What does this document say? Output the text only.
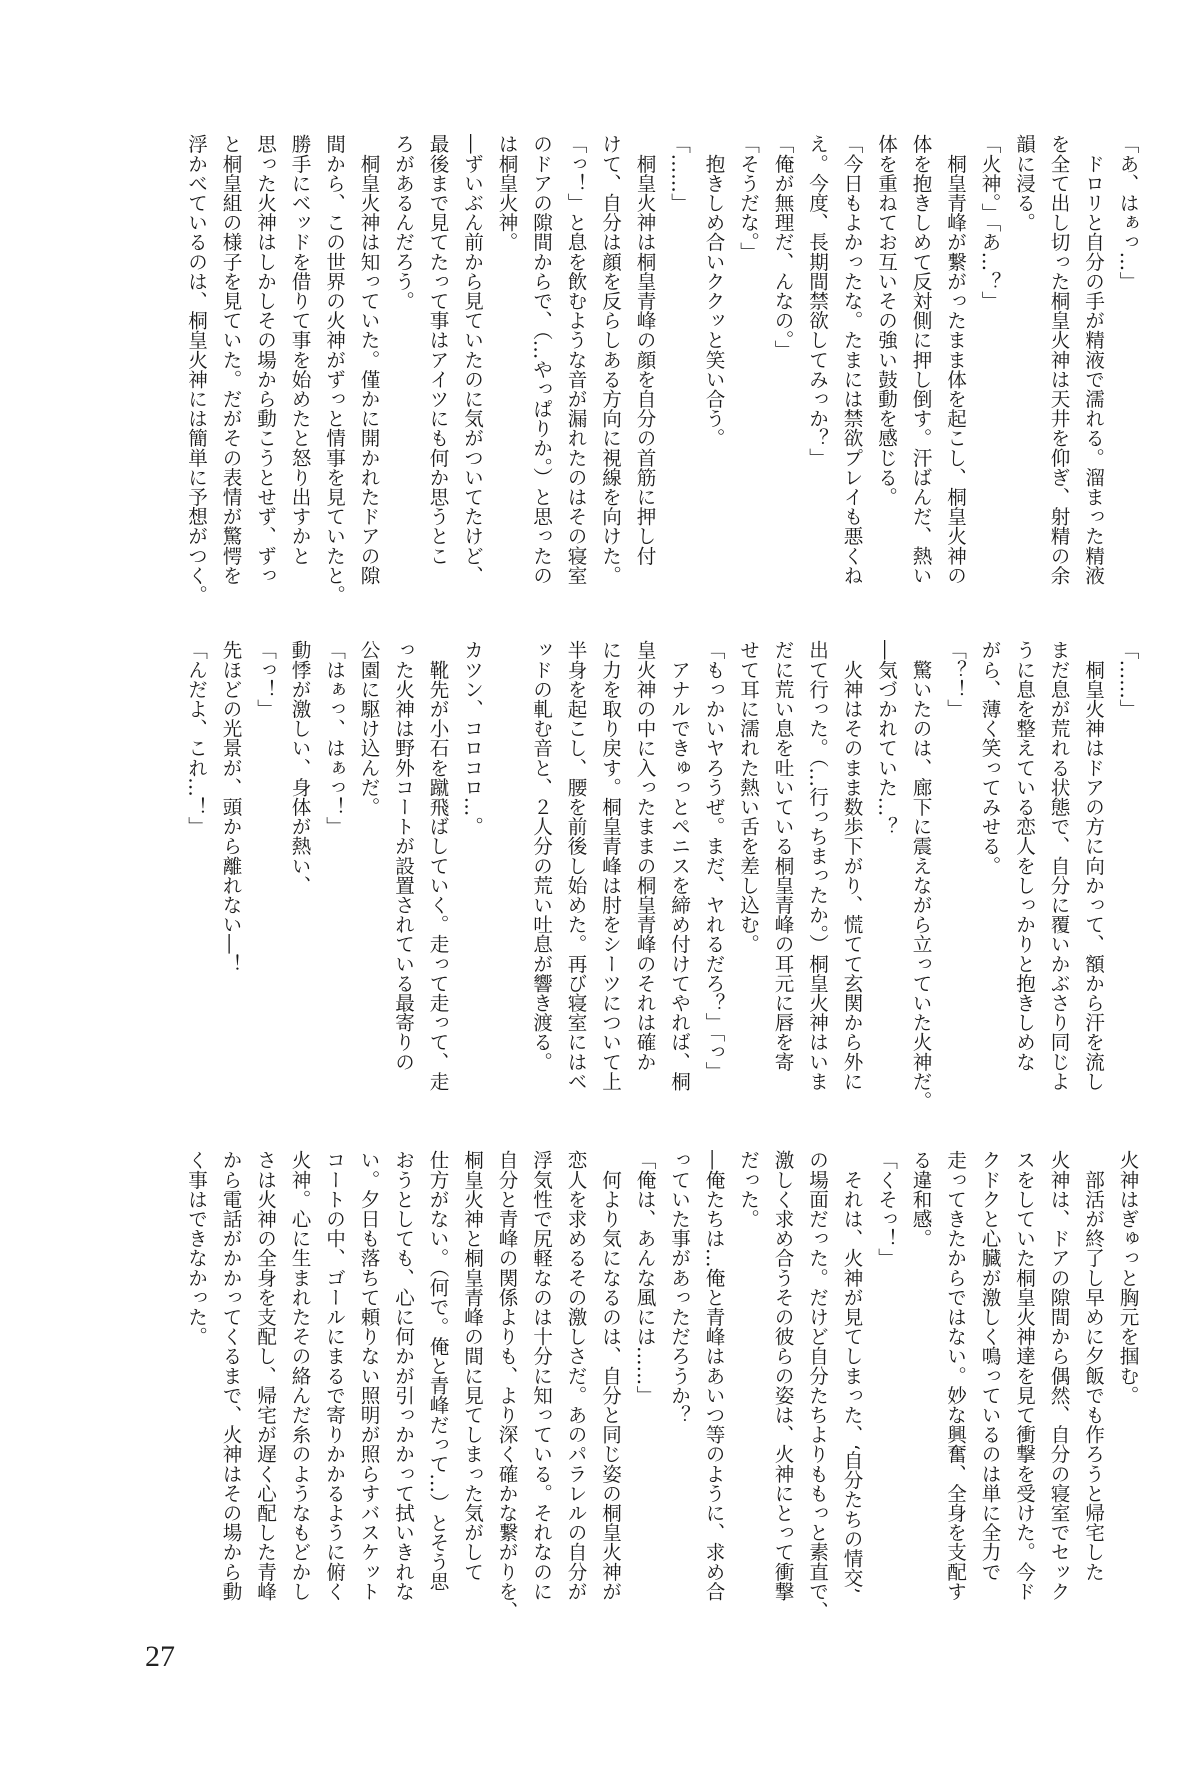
「あ、はぁっ…」
　ドロリと自分の手が精液で濡れる。溜まった精液
を全て出し切った桐皇火神は天井を仰ぎ、射精の余
韻に浸る。
「火神。」「あ…？」
　桐皇青峰が繋がったまま体を起こし、桐皇火神の
体を抱きしめて反対側に押し倒す。汗ばんだ、熱い
体を重ねてお互いその強い鼓動を感じる。
「今日もよかったな。たまには禁欲プレイも悪くね
え。今度、長期間禁欲してみっか？」
「俺が無理だ、んなの。」
「そうだな。」
　抱きしめ合いククッと笑い合う。
「……」
　桐皇火神は桐皇青峰の顔を自分の首筋に押し付
けて、自分は顔を反らしある方向に視線を向けた。
「っ！」と息を飲むような音が漏れたのはその寝室
のドアの隙間からで、（…やっぱりか。）と思ったの
は桐皇火神。
―ずいぶん前から見ていたのに気がついてたけど、
最後まで見てたって事はアイツにも何か思うとこ
ろがあるんだろう。
　桐皇火神は知っていた。僅かに開かれたドアの隙
間から、この世界の火神がずっと情事を見ていたと。
勝手にベッドを借りて事を始めたと怒り出すかと
思った火神はしかしその場から動こうとせず、ずっ
と桐皇組の様子を見ていた。だがその表情が驚愕を
浮かべているのは、桐皇火神には簡単に予想がつく。
「……」
　桐皇火神はドアの方に向かって、額から汗を流し
まだ息が荒れる状態で、自分に覆いかぶさり同じよ
うに息を整えている恋人をしっかりと抱きしめな
がら、薄く笑ってみせる。
「？！」
　驚いたのは、廊下に震えながら立っていた火神だ。
―気づかれていた…？
　火神はそのまま数歩下がり、慌てて玄関から外に
出て行った。（…行っちまったか。）桐皇火神はいま
だに荒い息を吐いている桐皇青峰の耳元に唇を寄
せて耳に濡れた熱い舌を差し込む。
「もっかいヤろうぜ。まだ、ヤれるだろ？」「っ」
　アナルできゅっとペニスを締め付けてやれば、桐
皇火神の中に入ったままの桐皇青峰のそれは確か
に力を取り戻す。桐皇青峰は肘をシーツについて上
半身を起こし、腰を前後し始めた。再び寝室にはベ
ッドの軋む音と、２人分の荒い吐息が響き渡る。

カツン、コロコロ…。
　靴先が小石を蹴飛ばしていく。走って走って、走
った火神は野外コートが設置されている最寄りの
公園に駆け込んだ。
「はぁっ、はぁっ！」
動悸が激しい、身体が熱い、
「っ！」
先ほどの光景が、頭から離れない―！
「んだよ、これ…！」
火神はぎゅっと胸元を掴む。
　部活が終了し早めに夕飯でも作ろうと帰宅した
火神は、ドアの隙間から偶然、自分の寝室でセック
スをしていた桐皇火神達を見て衝撃を受けた。今ド
クドクと心臓が激しく鳴っているのは単に全力で
走ってきたからではない。妙な興奮、全身を支配す
る違和感。
「くそっ！」
　それは、火神が見てしまった、‘自分たちの情交’
の場面だった。だけど自分たちよりももっと素直で、
激しく求め合うその彼らの姿は、火神にとって衝撃
だった。
―俺たちは…俺と青峰はあいつ等のように、求め合
っていた事があっただろうか？
「俺は、あんな風には……」
　何より気になるのは、自分と同じ姿の桐皇火神が
恋人を求めるその激しさだ。あのパラレルの自分が
浮気性で尻軽なのは十分に知っている。それなのに
自分と青峰の関係よりも、より深く確かな繋がりを、
桐皇火神と桐皇青峰の間に見てしまった気がして
仕方がない。（何で。俺と青峰だって…）とそう思
おうとしても、心に何かが引っかかって拭いきれな
い。夕日も落ちて頼りない照明が照らすバスケット
コートの中、ゴールにまるで寄りかかるように俯く
火神。心に生まれたその絡んだ糸のようなもどかし
さは火神の全身を支配し、帰宅が遅く心配した青峰
から電話がかかってくるまで、火神はその場から動
く事はできなかった。
27
